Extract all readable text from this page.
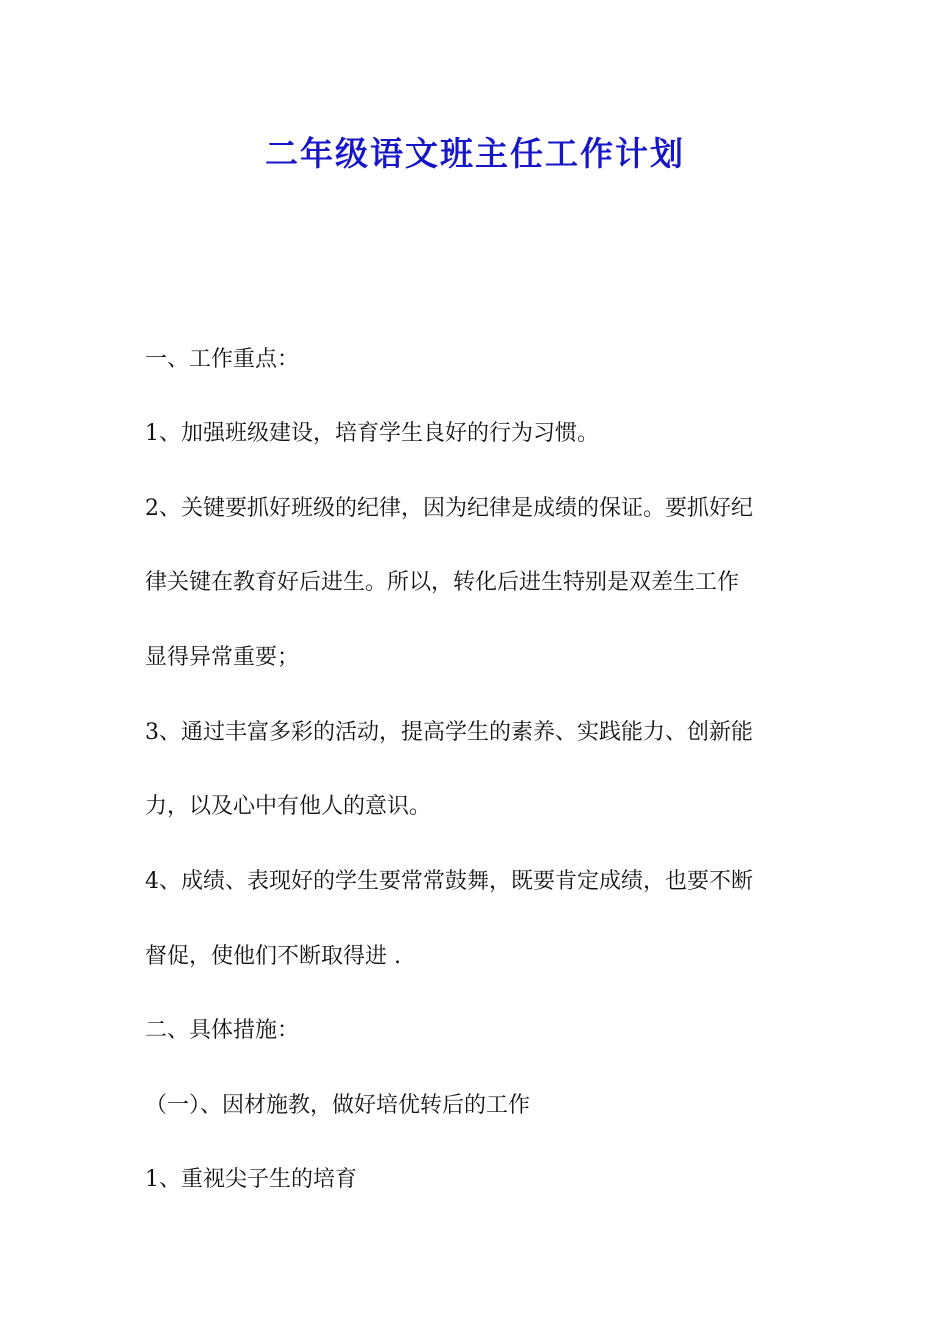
二年级语文班主任工作计划

一、工作重点：

1、加强班级建设，培育学生良好的行为习惯。

2、关键要抓好班级的纪律，因为纪律是成绩的保证。要抓好纪

律关键在教育好后进生。所以，转化后进生特别是双差生工作

显得异常重要；

3、通过丰富多彩的活动，提高学生的素养、实践能力、创新能

力，以及心中有他人的意识。

4、成绩、表现好的学生要常常鼓舞，既要肯定成绩，也要不断

督促，使他们不断取得进 .

二、具体措施：

（一）、因材施教，做好培优转后的工作

1、重视尖子生的培育
